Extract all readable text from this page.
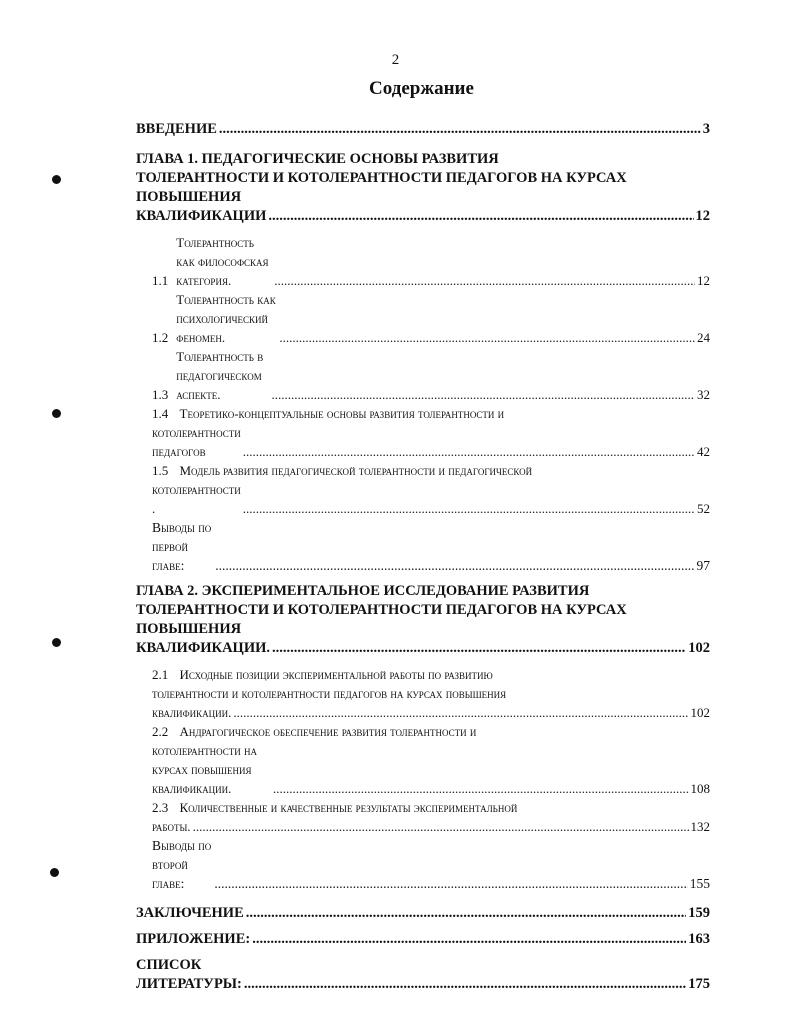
2
Содержание
ВВЕДЕНИЕ .....	3
ГЛАВА 1. ПЕДАГОГИЧЕСКИЕ ОСНОВЫ РАЗВИТИЯ
ТОЛЕРАНТНОСТИ И КОТОЛЕРАНТНОСТИ ПЕДАГОГОВ НА КУРСАХ
ПОВЫШЕНИЯ КВАЛИФИКАЦИИ .....	12
1.1
Толерантность как философская категория. .....	12
1.2
Толерантность как психологический феномен. .....	24
1.3
Толерантность в педагогическом аспекте. .....	32
1.4 Теоретико-концептуальные основы развития толерантности и
котолерантности педагогов .....	42
1.5 Модель развития педагогической толерантности и педагогической
котолерантности . .....	52
Выводы по первой главе: .....	97
ГЛАВА 2. ЭКСПЕРИМЕНТАЛЬНОЕ ИССЛЕДОВАНИЕ РАЗВИТИЯ
ТОЛЕРАНТНОСТИ И КОТОЛЕРАНТНОСТИ ПЕДАГОГОВ НА КУРСАХ
ПОВЫШЕНИЯ КВАЛИФИКАЦИИ. .....	102
2.1 Исходные позиции экспериментальной работы по развитию
толерантности и котолерантности педагогов на курсах повышения
квалификации. .....	102
2.2 Андрагогическое обеспечение развития толерантности и
котолерантности на курсах повышения квалификации. .....	108
2.3 Количественные и качественные результаты экспериментальной
работы. .....	132
Выводы по второй главе: .....	155
ЗАКЛЮЧЕНИЕ .....	159
ПРИЛОЖЕНИЕ: .....	163
СПИСОК ЛИТЕРАТУРЫ: .....	175
